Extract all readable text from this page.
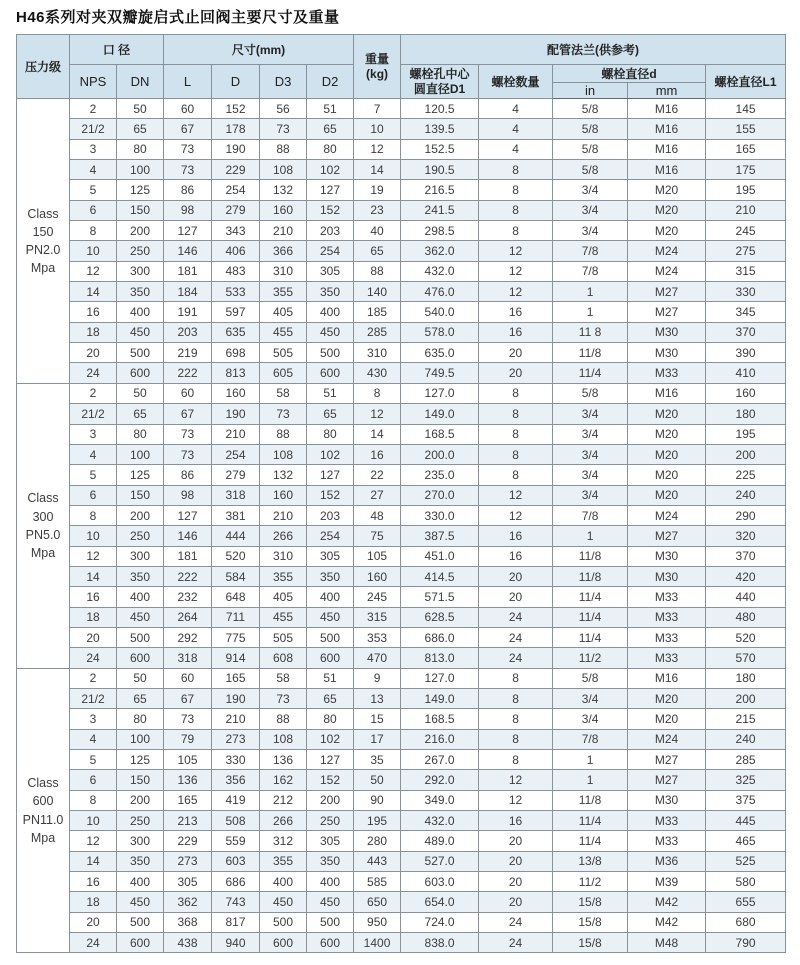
H46系列对夹双瓣旋启式止回阀主要尺寸及重量
压力级	口 径		尺寸(mm)				重量
(kg)	配管法兰(供参考)				
	NPS	DN	L	D	D3	D2		螺栓孔中心
圆直径D1	螺栓数量	螺栓直径d		螺栓直径L1
										in	mm	

Class
150
PN2.0
Mpa	2	50	60	152	56	51	7	120.5	4	5/8	M16	145
	21/2	65	67	178	73	65	10	139.5	4	5/8	M16	155
	3	80	73	190	88	80	12	152.5	4	5/8	M16	165
	4	100	73	229	108	102	14	190.5	8	5/8	M16	175
	5	125	86	254	132	127	19	216.5	8	3/4	M20	195
	6	150	98	279	160	152	23	241.5	8	3/4	M20	210
	8	200	127	343	210	203	40	298.5	8	3/4	M20	245
	10	250	146	406	366	254	65	362.0	12	7/8	M24	275
	12	300	181	483	310	305	88	432.0	12	7/8	M24	315
	14	350	184	533	355	350	140	476.0	12	1	M27	330
	16	400	191	597	405	400	185	540.0	16	1	M27	345
	18	450	203	635	455	450	285	578.0	16	11 8	M30	370
	20	500	219	698	505	500	310	635.0	20	11/8	M30	390
	24	600	222	813	605	600	430	749.5	20	11/4	M33	410

Class
300
PN5.0
Mpa	2	50	60	160	58	51	8	127.0	8	5/8	M16	160
	21/2	65	67	190	73	65	12	149.0	8	3/4	M20	180
	3	80	73	210	88	80	14	168.5	8	3/4	M20	195
	4	100	73	254	108	102	16	200.0	8	3/4	M20	200
	5	125	86	279	132	127	22	235.0	8	3/4	M20	225
	6	150	98	318	160	152	27	270.0	12	3/4	M20	240
	8	200	127	381	210	203	48	330.0	12	7/8	M24	290
	10	250	146	444	266	254	75	387.5	16	1	M27	320
	12	300	181	520	310	305	105	451.0	16	11/8	M30	370
	14	350	222	584	355	350	160	414.5	20	11/8	M30	420
	16	400	232	648	405	400	245	571.5	20	11/4	M33	440
	18	450	264	711	455	450	315	628.5	24	11/4	M33	480
	20	500	292	775	505	500	353	686.0	24	11/4	M33	520
	24	600	318	914	608	600	470	813.0	24	11/2	M33	570

Class
600
PN11.0
Mpa	2	50	60	165	58	51	9	127.0	8	5/8	M16	180
	21/2	65	67	190	73	65	13	149.0	8	3/4	M20	200
	3	80	73	210	88	80	15	168.5	8	3/4	M20	215
	4	100	79	273	108	102	17	216.0	8	7/8	M24	240
	5	125	105	330	136	127	35	267.0	8	1	M27	285
	6	150	136	356	162	152	50	292.0	12	1	M27	325
	8	200	165	419	212	200	90	349.0	12	11/8	M30	375
	10	250	213	508	266	250	195	432.0	16	11/4	M33	445
	12	300	229	559	312	305	280	489.0	20	11/4	M33	465
	14	350	273	603	355	350	443	527.0	20	13/8	M36	525
	16	400	305	686	400	400	585	603.0	20	11/2	M39	580
	18	450	362	743	450	450	650	654.0	20	15/8	M42	655
	20	500	368	817	500	500	950	724.0	24	15/8	M42	680
	24	600	438	940	600	600	1400	838.0	24	15/8	M48	790
